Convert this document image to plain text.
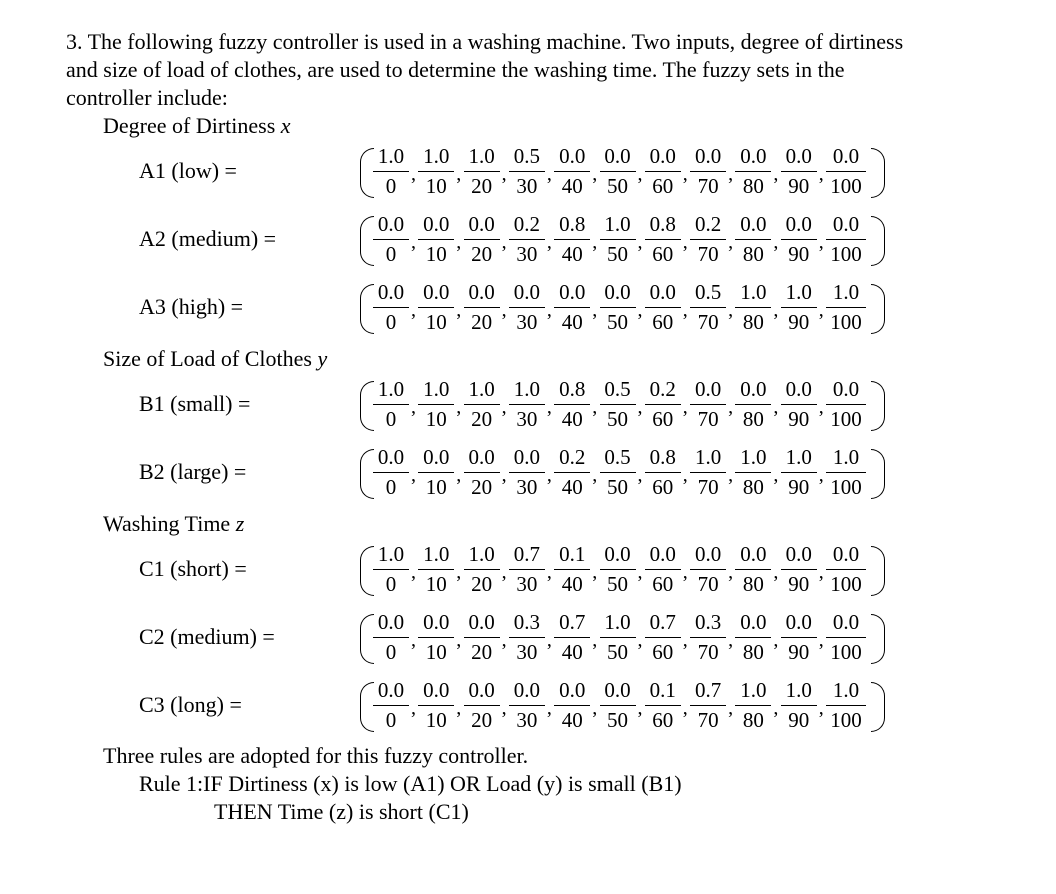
3. The following fuzzy controller is used in a washing machine. Two inputs, degree of dirtiness
and size of load of clothes, are used to determine the washing time. The fuzzy sets in the
controller include:
Degree of Dirtiness x
Size of Load of Clothes y
Washing Time z
A1 (low) =
A2 (medium) =
A3 (high) =
B1 (small) =
B2 (large) =
C1 (short) =
C2 (medium) =
C3 (long) =
1.0
0 ,
1.0
10 ,
1.0
20 ,
0.5
30 ,
0.0
40 ,
0.0
50 ,
0.0
60 ,
0.0
70 ,
0.0
80 ,
0.0
90 ,
0.0
100
0.0
0 ,
0.0
10 ,
0.0
20 ,
0.2
30 ,
0.8
40 ,
1.0
50 ,
0.8
60 ,
0.2
70 ,
0.0
80 ,
0.0
90 ,
0.0
100
0.0
0 ,
0.0
10 ,
0.0
20 ,
0.0
30 ,
0.0
40 ,
0.0
50 ,
0.0
60 ,
0.5
70 ,
1.0
80 ,
1.0
90 ,
1.0
100
1.0
0 ,
1.0
10 ,
1.0
20 ,
1.0
30 ,
0.8
40 ,
0.5
50 ,
0.2
60 ,
0.0
70 ,
0.0
80 ,
0.0
90 ,
0.0
100
0.0
0 ,
0.0
10 ,
0.0
20 ,
0.0
30 ,
0.2
40 ,
0.5
50 ,
0.8
60 ,
1.0
70 ,
1.0
80 ,
1.0
90 ,
1.0
100
1.0
0 ,
1.0
10 ,
1.0
20 ,
0.7
30 ,
0.1
40 ,
0.0
50 ,
0.0
60 ,
0.0
70 ,
0.0
80 ,
0.0
90 ,
0.0
100
0.0
0 ,
0.0
10 ,
0.0
20 ,
0.3
30 ,
0.7
40 ,
1.0
50 ,
0.7
60 ,
0.3
70 ,
0.0
80 ,
0.0
90 ,
0.0
100
0.0
0 ,
0.0
10 ,
0.0
20 ,
0.0
30 ,
0.0
40 ,
0.0
50 ,
0.1
60 ,
0.7
70 ,
1.0
80 ,
1.0
90 ,
1.0
100
Three rules are adopted for this fuzzy controller.
Rule 1:IF Dirtiness (x) is low (A1) OR Load (y) is small (B1)
THEN Time (z) is short (C1)
